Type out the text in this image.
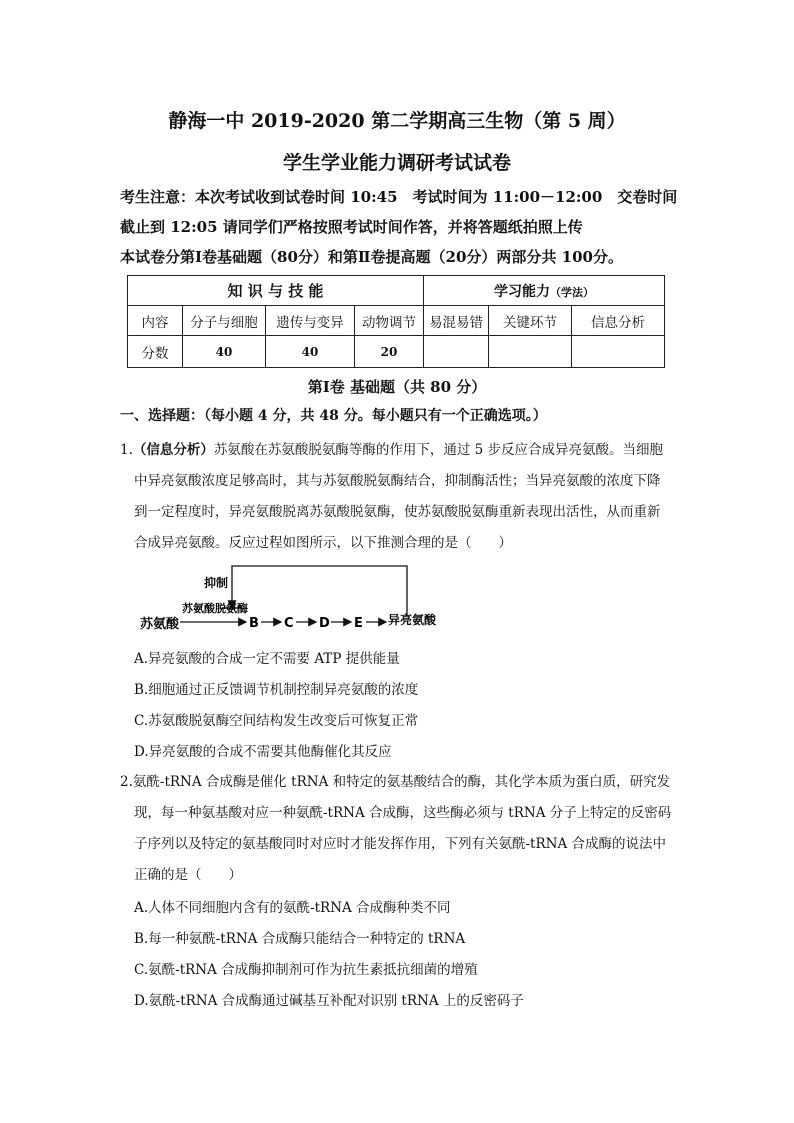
静海一中 2019-2020 第二学期高三生物（第 5 周）
学生学业能力调研考试试卷
考生注意：本次考试收到试卷时间 10:45　考试时间为 11:00－12:00　交卷时间
截止到 12:05 请同学们严格按照考试时间作答，并将答题纸拍照上传
本试卷分第Ⅰ卷基础题（80分）和第Ⅱ卷提高题（20分）两部分共 100分。
知 识 与 技 能				学习能力（学法）		
内容	分子与细胞	遗传与变异	动物调节	易混易错	关键环节	信息分析
分数	40	40	20			
第Ⅰ卷 基础题（共 80 分）
一、选择题：（每小题 4 分，共 48 分。每小题只有一个正确选项。）
1.（信息分析）苏氨酸在苏氨酸脱氨酶等酶的作用下，通过 5 步反应合成异亮氨酸。当细胞
中异亮氨酸浓度足够高时，其与苏氨酸脱氨酶结合，抑制酶活性；当异亮氨酸的浓度下降
到一定程度时，异亮氨酸脱离苏氨酸脱氨酶，使苏氨酸脱氨酶重新表现出活性，从而重新
合成异亮氨酸。反应过程如图所示，以下推测合理的是（　　）
抑制
苏氨酸脱氨酶
苏氨酸	B C D E 异亮氨酸
A.异亮氨酸的合成一定不需要 ATP 提供能量
B.细胞通过正反馈调节机制控制异亮氨酸的浓度
C.苏氨酸脱氨酶空间结构发生改变后可恢复正常
D.异亮氨酸的合成不需要其他酶催化其反应
2.氨酰-tRNA 合成酶是催化 tRNA 和特定的氨基酸结合的酶，其化学本质为蛋白质，研究发
现，每一种氨基酸对应一种氨酰-tRNA 合成酶，这些酶必须与 tRNA 分子上特定的反密码
子序列以及特定的氨基酸同时对应时才能发挥作用，下列有关氨酰-tRNA 合成酶的说法中
正确的是（　　）
A.人体不同细胞内含有的氨酰-tRNA 合成酶种类不同
B.每一种氨酰-tRNA 合成酶只能结合一种特定的 tRNA
C.氨酰-tRNA 合成酶抑制剂可作为抗生素抵抗细菌的增殖
D.氨酰-tRNA 合成酶通过碱基互补配对识别 tRNA 上的反密码子
